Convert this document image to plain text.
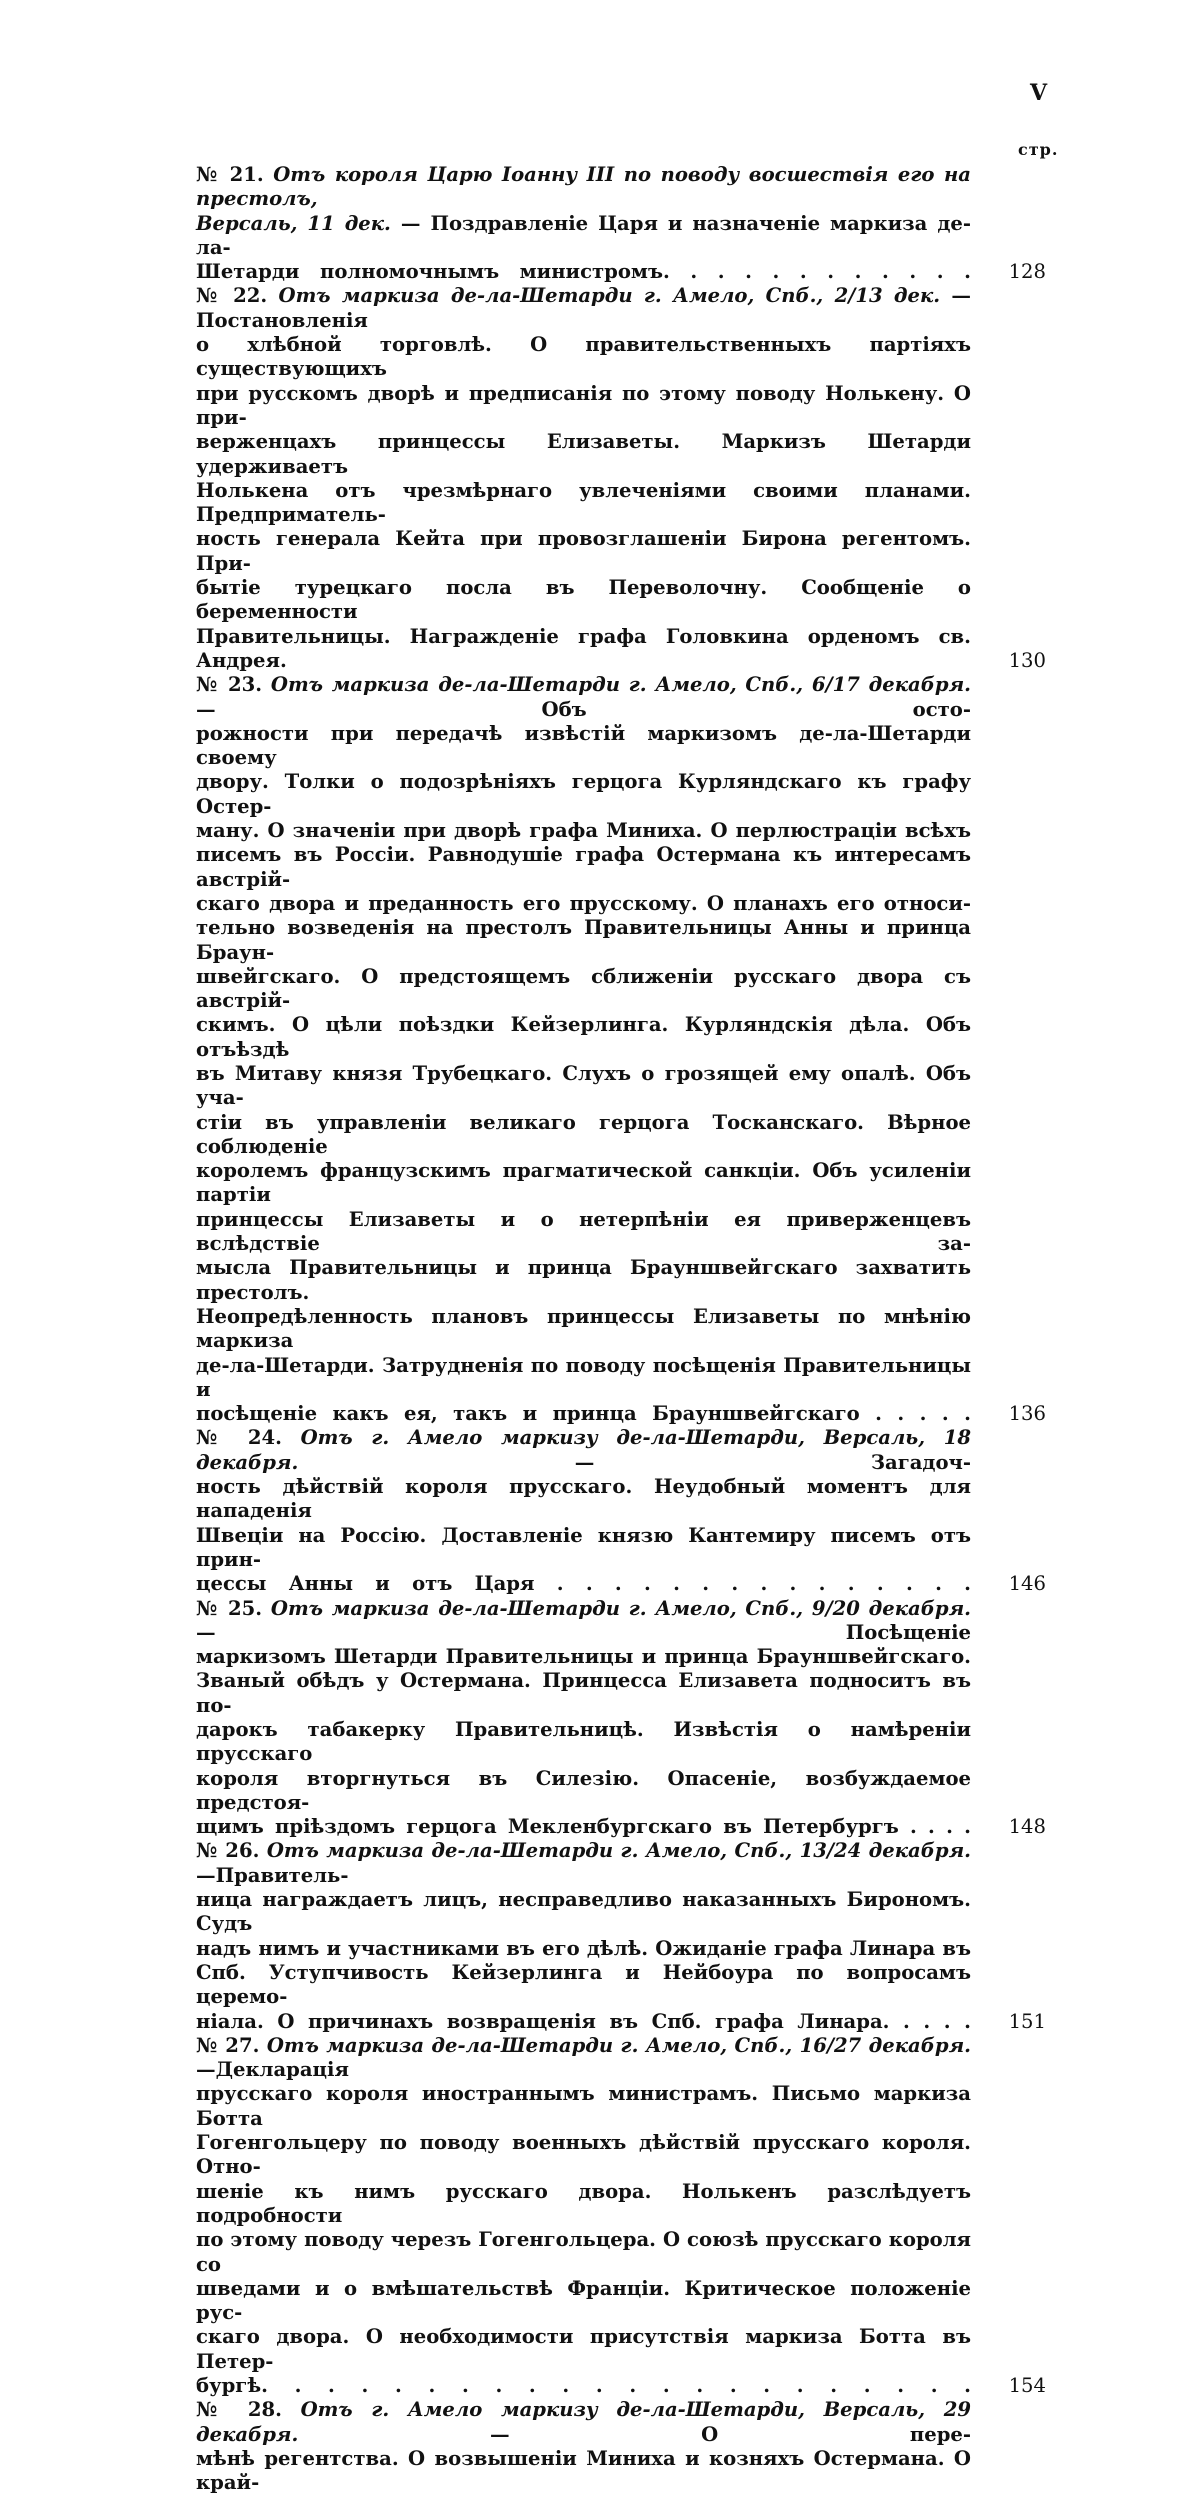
V
стр.

№ 21. Отъ короля Царю Іоанну III по поводу восшествія его на престолъ,

Версаль, 11 дек. — Поздравленіе Царя и назначеніе маркиза де-ла-

Шетарди полномочнымъ министромъ. . . . . . . . . . . .	128

№ 22. Отъ маркиза де-ла-Шетарди г. Амело, Спб., 2/13 дек. — Постановленія

о хлѣбной торговлѣ. О правительственныхъ партіяхъ существующихъ

при русскомъ дворѣ и предписанія по этому поводу Нолькену. О при-

верженцахъ принцессы Елизаветы. Маркизъ Шетарди удерживаетъ

Нолькена отъ чрезмѣрнаго увлеченіями своими планами. Предприматель-

ность генерала Кейта при провозглашеніи Бирона регентомъ. При-

бытіе турецкаго посла въ Переволочну. Сообщеніе о беременности

Правительницы. Награжденіе графа Головкина орденомъ св. Андрея.	130

№ 23. Отъ маркиза де-ла-Шетарди г. Амело, Спб., 6/17 декабря. — Объ осто-

рожности при передачѣ извѣстій маркизомъ де-ла-Шетарди своему

двору. Толки о подозрѣніяхъ герцога Курляндскаго къ графу Остер-

ману. О значеніи при дворѣ графа Миниха. О перлюстраціи всѣхъ

писемъ въ Россіи. Равнодушіе графа Остермана къ интересамъ австрій-

скаго двора и преданность его прусскому. О планахъ его относи-

тельно возведенія на престолъ Правительницы Анны и принца Браун-

швейгскаго. О предстоящемъ сближеніи русскаго двора съ австрій-

скимъ. О цѣли поѣздки Кейзерлинга. Курляндскія дѣла. Объ отъѣздѣ

въ Митаву князя Трубецкаго. Слухъ о грозящей ему опалѣ. Объ уча-

стіи въ управленіи великаго герцога Тосканскаго. Вѣрное соблюденіе

королемъ французскимъ прагматической санкціи. Объ усиленіи партіи

принцессы Елизаветы и о нетерпѣніи ея приверженцевъ вслѣдствіе за-

мысла Правительницы и принца Брауншвейгскаго захватить престолъ.

Неопредѣленность плановъ принцессы Елизаветы по мнѣнію маркиза

де-ла-Шетарди. Затрудненія по поводу посѣщенія Правительницы и

посѣщеніе какъ ея, такъ и принца Брауншвейгскаго . . . . .	136

№ 24. Отъ г. Амело маркизу де-ла-Шетарди, Версаль, 18 декабря. — Загадоч-

ность дѣйствій короля прусскаго. Неудобный моментъ для нападенія

Швеціи на Россію. Доставленіе князю Кантемиру писемъ отъ прин-

цессы Анны и отъ Царя . . . . . . . . . . . . . . .	146

№ 25. Отъ маркиза де-ла-Шетарди г. Амело, Спб., 9/20 декабря. — Посѣщеніе

маркизомъ Шетарди Правительницы и принца Брауншвейгскаго.

Званый обѣдъ у Остермана. Принцесса Елизавета подноситъ въ по-

дарокъ табакерку Правительницѣ. Извѣстія о намѣреніи прусскаго

короля вторгнуться въ Силезію. Опасеніе, возбуждаемое предстоя-

щимъ пріѣздомъ герцога Мекленбургскаго въ Петербургъ . . . .	148

№ 26. Отъ маркиза де-ла-Шетарди г. Амело, Спб., 13/24 декабря.—Правитель-

ница награждаетъ лицъ, несправедливо наказанныхъ Бирономъ. Судъ

надъ нимъ и участниками въ его дѣлѣ. Ожиданіе графа Линара въ

Спб. Уступчивость Кейзерлинга и Нейбоура по вопросамъ церемо-

ніала. О причинахъ возвращенія въ Спб. графа Линара. . . . .	151

№ 27. Отъ маркиза де-ла-Шетарди г. Амело, Спб., 16/27 декабря.—Декларація

прусскаго короля иностраннымъ министрамъ. Письмо маркиза Ботта

Гогенгольцеру по поводу военныхъ дѣйствій прусскаго короля. Отно-

шеніе къ нимъ русскаго двора. Нолькенъ разслѣдуетъ подробности

по этому поводу черезъ Гогенгольцера. О союзѣ прусскаго короля со

шведами и о вмѣшательствѣ Франціи. Критическое положеніе рус-

скаго двора. О необходимости присутствія маркиза Ботта въ Петер-

бургѣ. . . . . . . . . . . . . . . . . . . . . .	154

№ 28. Отъ г. Амело маркизу де-ла-Шетарди, Версаль, 29 декабря. — О пере-

мѣнѣ регентства. О возвышеніи Миниха и козняхъ Остермана. О край-
